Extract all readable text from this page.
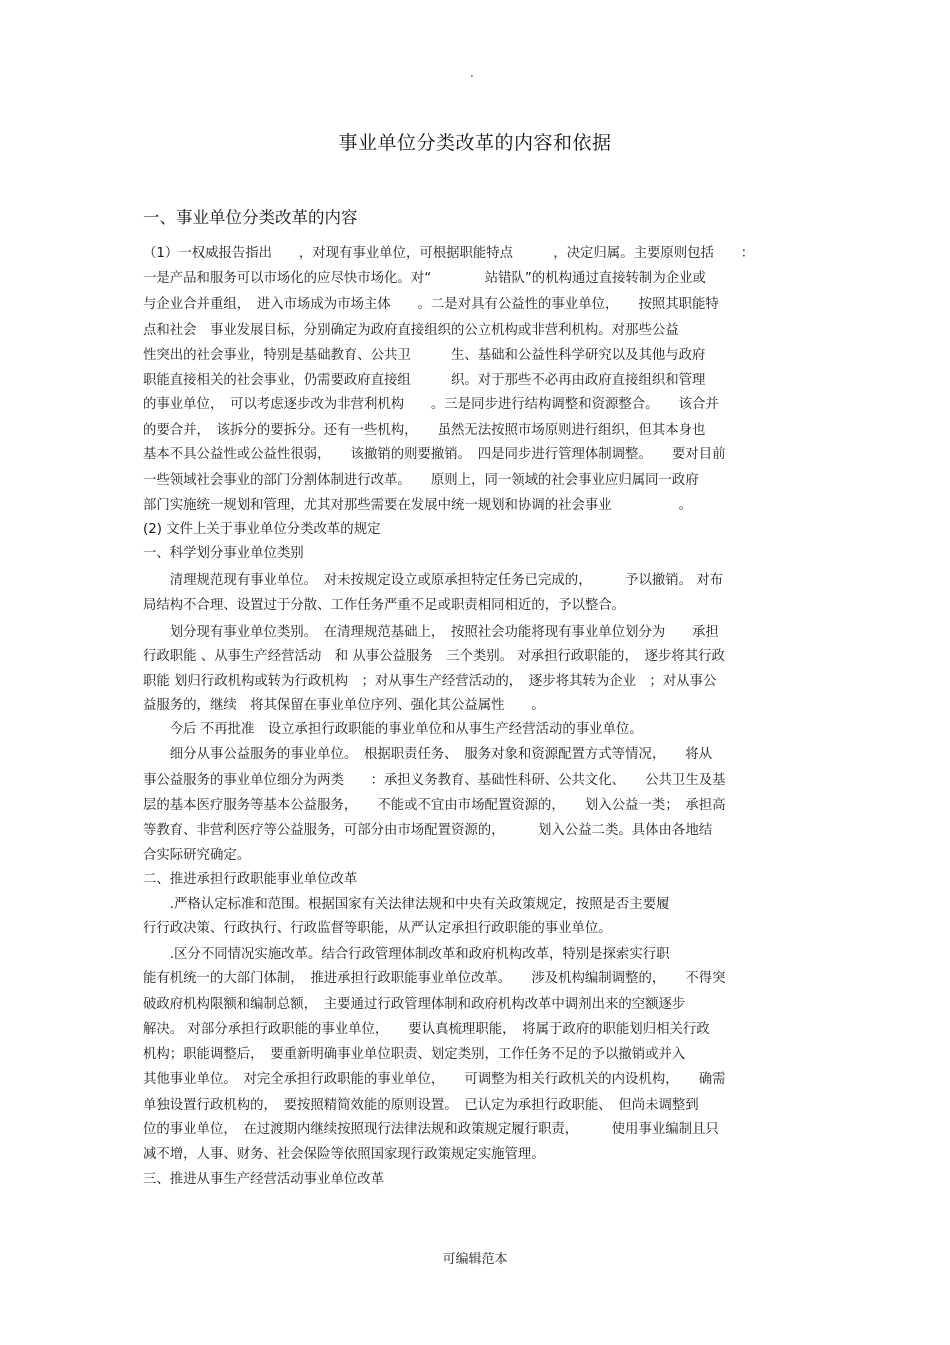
.
事业单位分类改革的内容和依据
一、事业单位分类改革的内容
（1）一权威报告指出　　，对现有事业单位，可根据职能特点　　　，决定归属。主要原则包括　　：
一是产品和服务可以市场化的应尽快市场化。对“　　　　站错队”的机构通过直接转制为企业或
与企业合并重组，　进入市场成为市场主体　　。二是对具有公益性的事业单位，　　按照其职能特
点和社会　事业发展目标，分别确定为政府直接组织的公立机构或非营利机构。对那些公益
性突出的社会事业，特别是基础教育、公共卫　　　生、基础和公益性科学研究以及其他与政府
职能直接相关的社会事业，仍需要政府直接组　　　织。对于那些不必再由政府直接组织和管理
的事业单位，　可以考虑逐步改为非营利机构　　。三是同步进行结构调整和资源整合。　　该合并
的要合并，　该拆分的要拆分。还有一些机构，　　虽然无法按照市场原则进行组织，但其本身也
基本不具公益性或公益性很弱，　　该撤销的则要撤销。　四是同步进行管理体制调整。　　要对目前
一些领域社会事业的部门分割体制进行改革。　　原则上，同一领域的社会事业应归属同一政府
部门实施统一规划和管理，尤其对那些需要在发展中统一规划和协调的社会事业　　　　　。
(2) 文件上关于事业单位分类改革的规定
一、科学划分事业单位类别
　　清理规范现有事业单位。　对未按规定设立或原承担特定任务已完成的，　　　予以撤销。 对布
局结构不合理、设置过于分散、工作任务严重不足或职责相同相近的，予以整合。
　　划分现有事业单位类别。　在清理规范基础上，　按照社会功能将现有事业单位划分为　　承担
行政职能 、从事生产经营活动　和 从事公益服务　三个类别。 对承担行政职能的，　逐步将其行政
职能 划归行政机构或转为行政机构　；对从事生产经营活动的，　逐步将其转为企业　；对从事公
益服务的，继续　将其保留在事业单位序列、强化其公益属性　　。
　　今后 不再批准　设立承担行政职能的事业单位和从事生产经营活动的事业单位。
　　细分从事公益服务的事业单位。　根据职责任务、　服务对象和资源配置方式等情况，　　将从
事公益服务的事业单位细分为两类　　：承担义务教育、基础性科研、公共文化、　　公共卫生及基
层的基本医疗服务等基本公益服务，　　不能或不宜由市场配置资源的，　　划入公益一类；　承担高
等教育、非营利医疗等公益服务，可部分由市场配置资源的，　　　划入公益二类。具体由各地结
合实际研究确定。
二、推进承担行政职能事业单位改革
　　.严格认定标准和范围。根据国家有关法律法规和中央有关政策规定，按照是否主要履
行行政决策、行政执行、行政监督等职能，从严认定承担行政职能的事业单位。
　　.区分不同情况实施改革。结合行政管理体制改革和政府机构改革，特别是探索实行职
能有机统一的大部门体制，　推进承担行政职能事业单位改革。　　涉及机构编制调整的，　　不得突
破政府机构限额和编制总额，　主要通过行政管理体制和政府机构改革中调剂出来的空额逐步
解决。 对部分承担行政职能的事业单位，　　要认真梳理职能，　将属于政府的职能划归相关行政
机构；职能调整后，　要重新明确事业单位职责、划定类别，工作任务不足的予以撤销或并入
其他事业单位。　对完全承担行政职能的事业单位，　　可调整为相关行政机关的内设机构，　　确需
单独设置行政机构的，　要按照精简效能的原则设置。　已认定为承担行政职能、　但尚未调整到
位的事业单位，　在过渡期内继续按照现行法律法规和政策规定履行职责，　　　使用事业编制且只
减不增，人事、财务、社会保险等依照国家现行政策规定实施管理。
三、推进从事生产经营活动事业单位改革
可编辑范本
